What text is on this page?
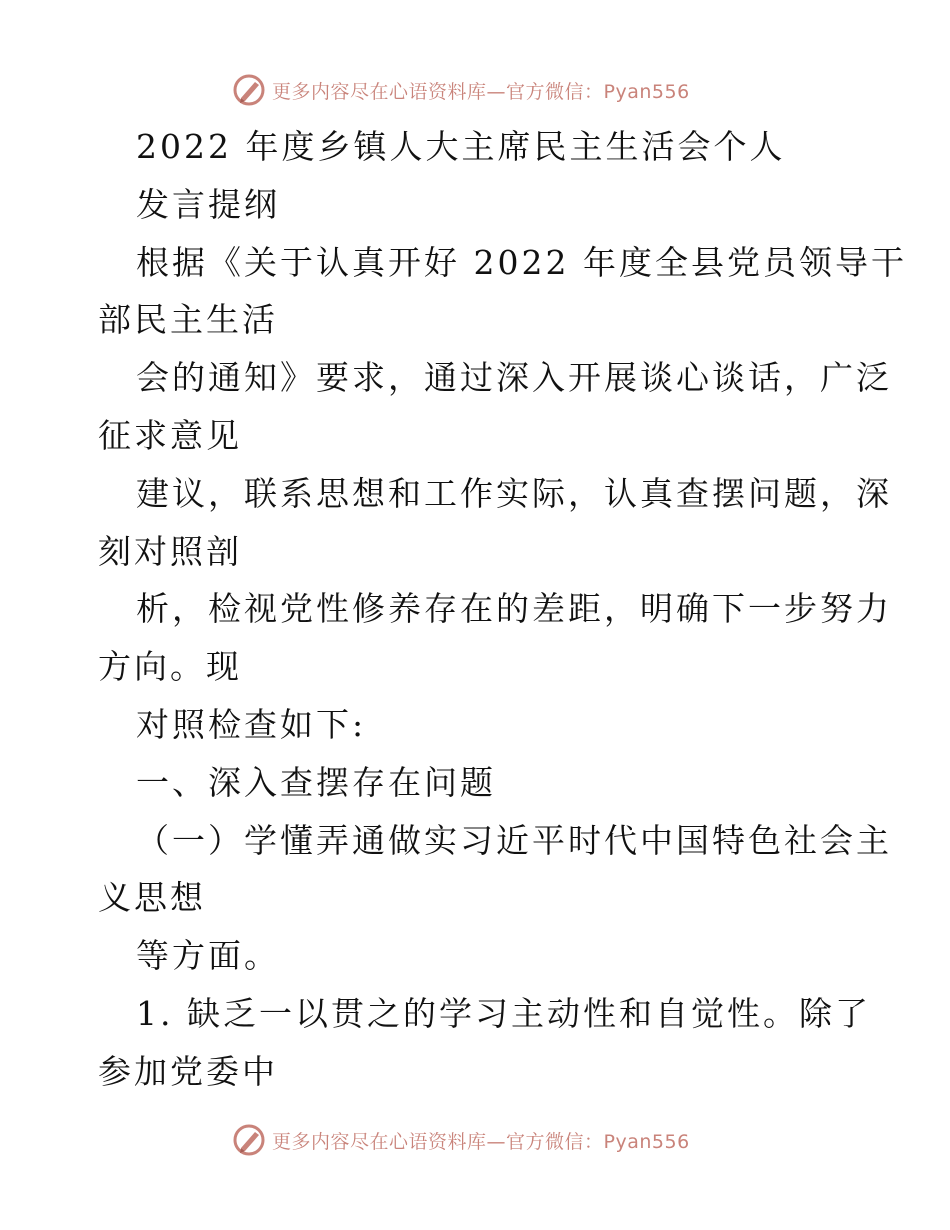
更多内容尽在心语资料库—官方微信：Pyan556
2022 年度乡镇人大主席民主生活会个人
发言提纲
根据《关于认真开好 2022 年度全县党员领导干
部民主生活
会的通知》要求，通过深入开展谈心谈话，广泛
征求意见
建议，联系思想和工作实际，认真查摆问题，深
刻对照剖
析，检视党性修养存在的差距，明确下一步努力
方向。现
对照检查如下:
一、深入查摆存在问题
（一）学懂弄通做实习近平时代中国特色社会主
义思想
等方面。
1. 缺乏一以贯之的学习主动性和自觉性。除了
参加党委中
更多内容尽在心语资料库—官方微信：Pyan556
